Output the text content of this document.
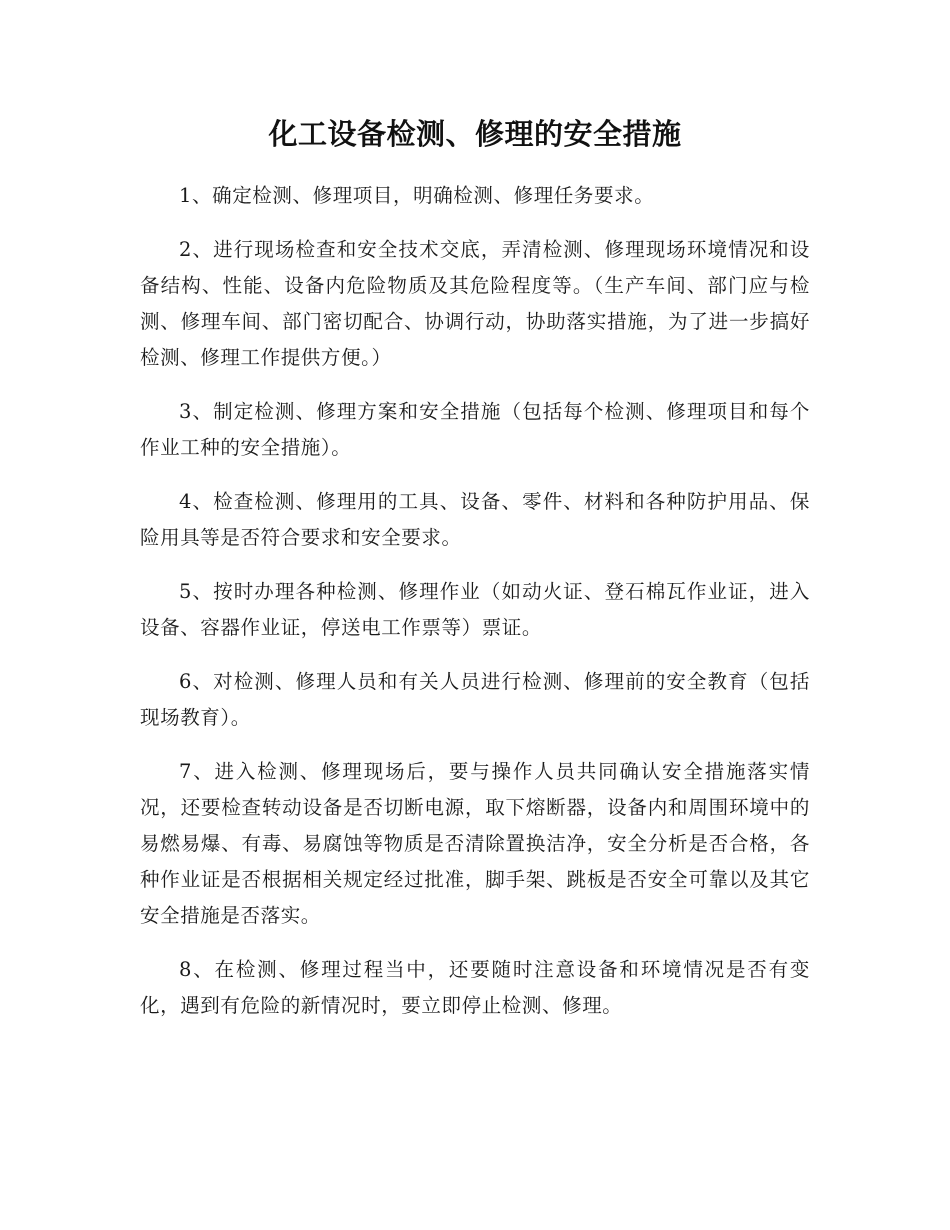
化工设备检测、修理的安全措施

1、确定检测、修理项目，明确检测、修理任务要求。

2、进行现场检查和安全技术交底，弄清检测、修理现场环境情况和设备结构、性能、设备内危险物质及其危险程度等。（生产车间、部门应与检测、修理车间、部门密切配合、协调行动，协助落实措施，为了进一步搞好检测、修理工作提供方便。）

3、制定检测、修理方案和安全措施（包括每个检测、修理项目和每个作业工种的安全措施）。

4、检查检测、修理用的工具、设备、零件、材料和各种防护用品、保险用具等是否符合要求和安全要求。

5、按时办理各种检测、修理作业（如动火证、登石棉瓦作业证，进入设备、容器作业证，停送电工作票等）票证。

6、对检测、修理人员和有关人员进行检测、修理前的安全教育（包括现场教育）。

7、进入检测、修理现场后，要与操作人员共同确认安全措施落实情况，还要检查转动设备是否切断电源，取下熔断器，设备内和周围环境中的易燃易爆、有毒、易腐蚀等物质是否清除置换洁净，安全分析是否合格，各种作业证是否根据相关规定经过批准，脚手架、跳板是否安全可靠以及其它安全措施是否落实。

8、在检测、修理过程当中，还要随时注意设备和环境情况是否有变化，遇到有危险的新情况时，要立即停止检测、修理。
